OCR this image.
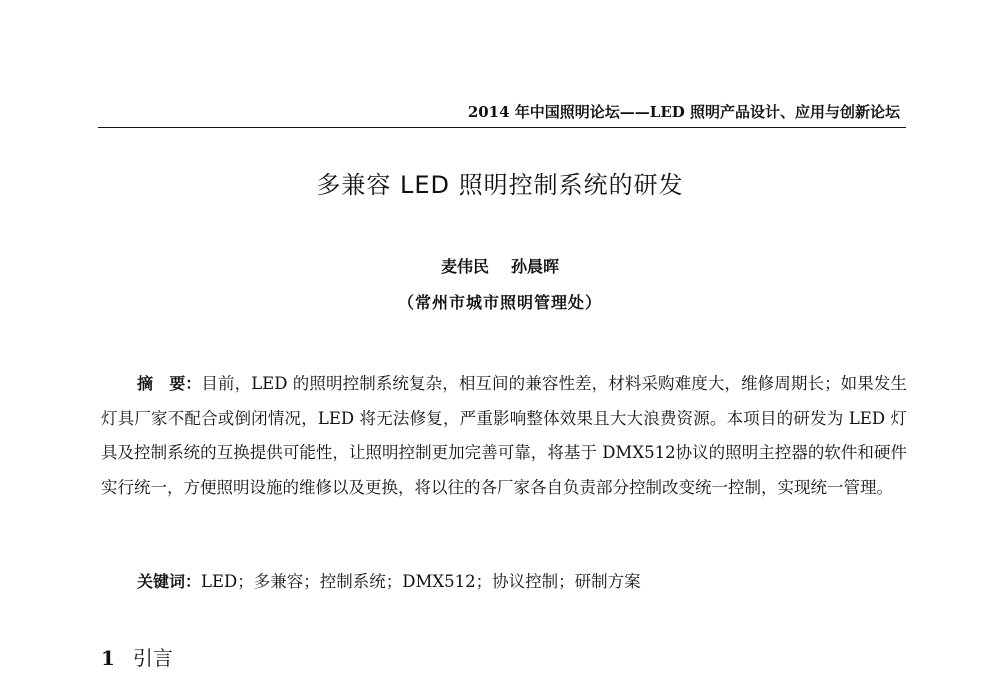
2014 年中国照明论坛——LED 照明产品设计、应用与创新论坛
多兼容 LED 照明控制系统的研发
麦伟民 孙晨晖
（常州市城市照明管理处）
摘　要：目前，LED 的照明控制系统复杂，相互间的兼容性差，材料采购难度大，维修周期长；如果发生灯具厂家不配合或倒闭情况，LED 将无法修复，严重影响整体效果且大大浪费资源。本项目的研发为 LED 灯具及控制系统的互换提供可能性，让照明控制更加完善可靠，将基于 DMX512协议的照明主控器的软件和硬件实行统一，方便照明设施的维修以及更换，将以往的各厂家各自负责部分控制改变统一控制，实现统一管理。
关键词：LED；多兼容；控制系统；DMX512；协议控制；研制方案
1 引言
